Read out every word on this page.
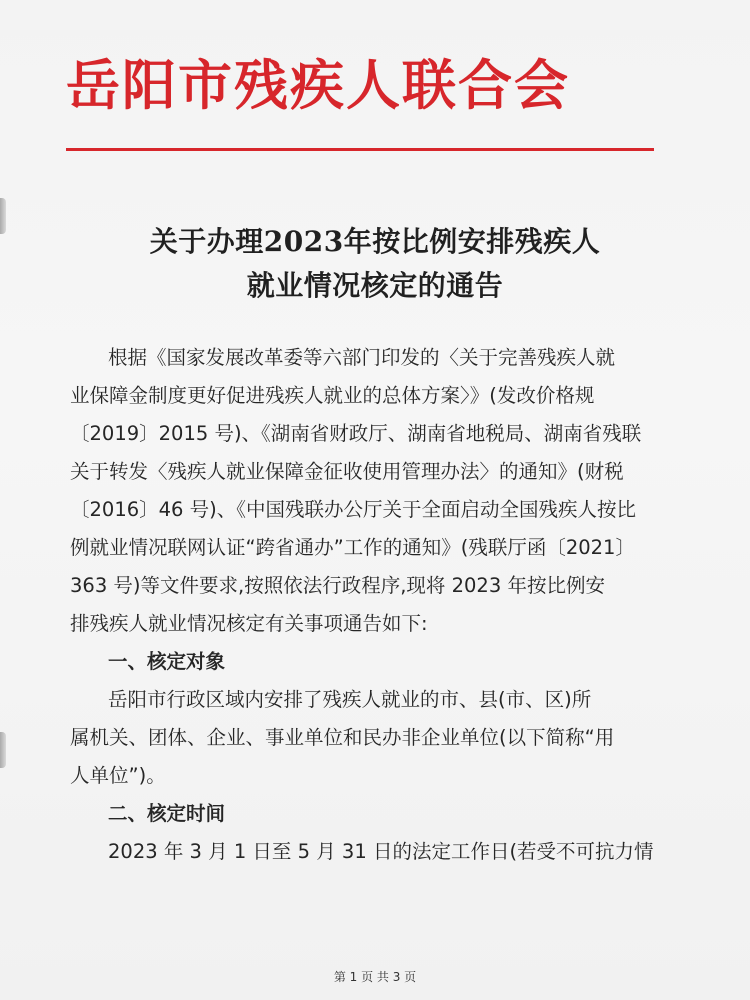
岳阳市残疾人联合会
关于办理2023年按比例安排残疾人
就业情况核定的通告
根据《国家发展改革委等六部门印发的〈关于完善残疾人就
业保障金制度更好促进残疾人就业的总体方案〉》(发改价格规
〔2019〕2015 号)、《湖南省财政厅、湖南省地税局、湖南省残联
关于转发〈残疾人就业保障金征收使用管理办法〉的通知》(财税
〔2016〕46 号)、《中国残联办公厅关于全面启动全国残疾人按比
例就业情况联网认证“跨省通办”工作的通知》(残联厅函〔2021〕
363 号)等文件要求,按照依法行政程序,现将 2023 年按比例安
排残疾人就业情况核定有关事项通告如下:
一、核定对象
岳阳市行政区域内安排了残疾人就业的市、县(市、区)所
属机关、团体、企业、事业单位和民办非企业单位(以下简称“用
人单位”)。
二、核定时间
2023 年 3 月 1 日至 5 月 31 日的法定工作日(若受不可抗力情
第 1 页 共 3 页
